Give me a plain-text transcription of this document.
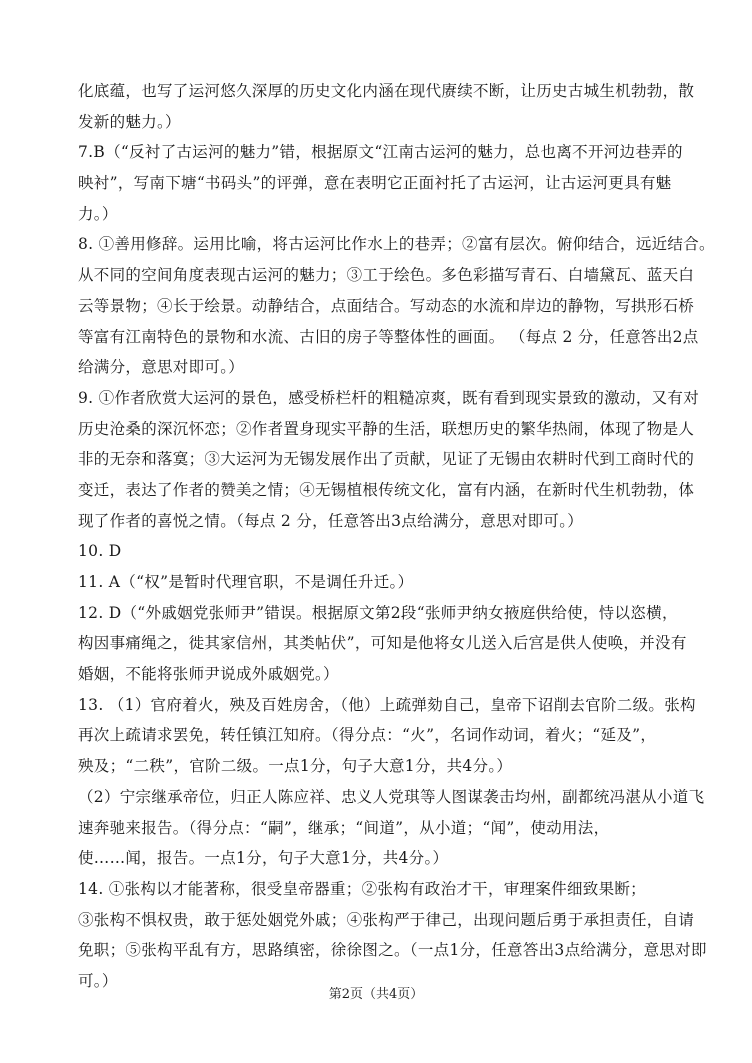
化底蕴，也写了运河悠久深厚的历史文化内涵在现代赓续不断，让历史古城生机勃勃，散
发新的魅力。）
7.B（“反衬了古运河的魅力”错，根据原文“江南古运河的魅力，总也离不开河边巷弄的
映衬”，写南下塘“书码头”的评弹，意在表明它正面衬托了古运河，让古运河更具有魅
力。）
8. ①善用修辞。运用比喻，将古运河比作水上的巷弄；②富有层次。俯仰结合，远近结合。
从不同的空间角度表现古运河的魅力；③工于绘色。多色彩描写青石、白墙黛瓦、蓝天白
云等景物；④长于绘景。动静结合，点面结合。写动态的水流和岸边的静物，写拱形石桥
等富有江南特色的景物和水流、古旧的房子等整体性的画面。 （每点 2 分，任意答出2点
给满分，意思对即可。）
9. ①作者欣赏大运河的景色，感受桥栏杆的粗糙凉爽，既有看到现实景致的激动，又有对
历史沧桑的深沉怀恋；②作者置身现实平静的生活，联想历史的繁华热闹，体现了物是人
非的无奈和落寞；③大运河为无锡发展作出了贡献，见证了无锡由农耕时代到工商时代的
变迁，表达了作者的赞美之情；④无锡植根传统文化，富有内涵，在新时代生机勃勃，体
现了作者的喜悦之情。（每点 2 分，任意答出3点给满分，意思对即可。）
10. D
11. A（“权”是暂时代理官职，不是调任升迁。）
12. D（“外戚姻党张师尹”错误。根据原文第2段“张师尹纳女掖庭供给使，恃以恣横，
构因事痛绳之，徙其家信州，其类帖伏”，可知是他将女儿送入后宫是供人使唤，并没有
婚姻，不能将张师尹说成外戚姻党。）
13. （1）官府着火，殃及百姓房舍，（他）上疏弹劾自己，皇帝下诏削去官阶二级。张构
再次上疏请求罢免，转任镇江知府。（得分点：“火”，名词作动词，着火；“延及”，
殃及；“二秩”，官阶二级。一点1分，句子大意1分，共4分。）
（2）宁宗继承帝位，归正人陈应祥、忠义人党琪等人图谋袭击均州，副都统冯湛从小道飞
速奔驰来报告。（得分点：“嗣”，继承；“间道”，从小道；“闻”，使动用法，
使……闻，报告。一点1分，句子大意1分，共4分。）
14. ①张构以才能著称，很受皇帝器重；②张构有政治才干，审理案件细致果断；
③张构不惧权贵，敢于惩处姻党外戚；④张构严于律己，出现问题后勇于承担责任，自请
免职；⑤张构平乱有方，思路缜密，徐徐图之。（一点1分，任意答出3点给满分，意思对即
可。）
第2页（共4页）
